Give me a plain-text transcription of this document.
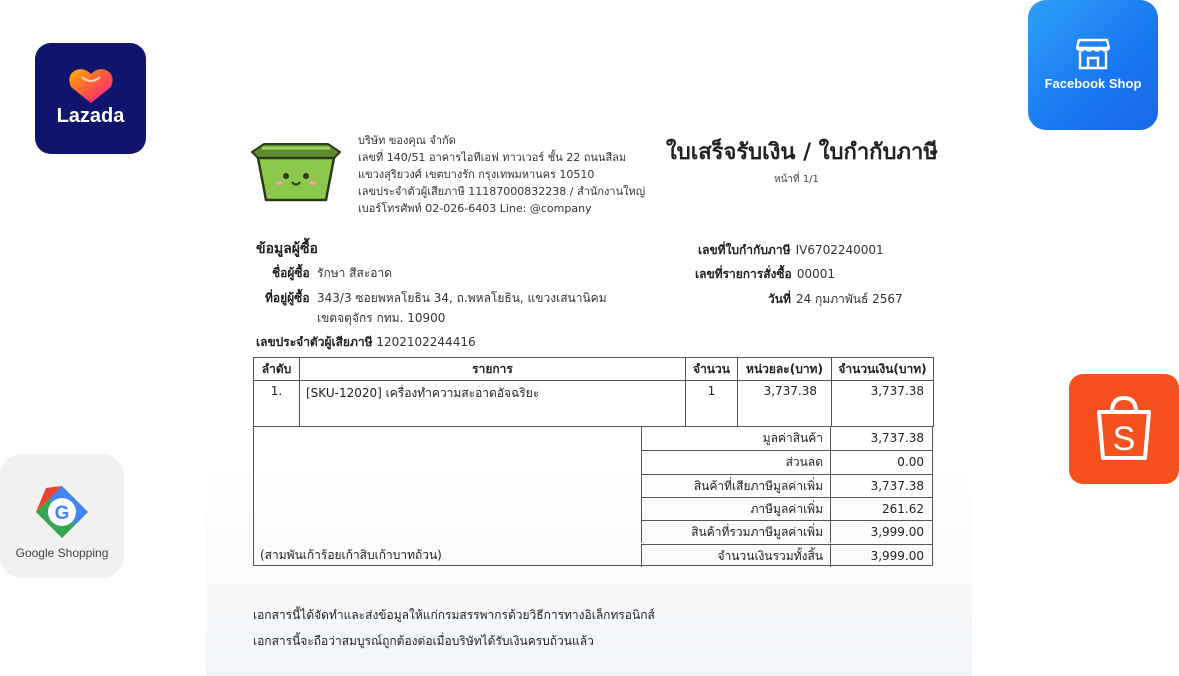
Lazada
Facebook Shop
G
Google Shopping
S
บริษัท ของคุณ จำกัด
เลขที่ 140/51 อาคารไอทีเอฟ ทาวเวอร์ ชั้น 22 ถนนสีลม
แขวงสุริยวงศ์ เขตบางรัก กรุงเทพมหานคร 10510
เลขประจำตัวผู้เสียภาษี 11187000832238 / สำนักงานใหญ่
เบอร์โทรศัพท์ 02-026-6403 Line: @company
ใบเสร็จรับเงิน / ใบกำกับภาษี
หน้าที่ 1/1
ข้อมูลผู้ซื้อ
ชื่อผู้ซื้อ รักษา สีสะอาด
ที่อยู่ผู้ซื้อ 343/3 ซอยพหลโยธิน 34, ถ.พหลโยธิน, แขวงเสนานิคม
เขตจตุจักร กทม. 10900
เลขประจำตัวผู้เสียภาษี 1202102244416
เลขที่ใบกำกับภาษี IV6702240001
เลขที่รายการสั่งซื้อ 00001
วันที่ 24 กุมภาพันธ์ 2567
ลำดับ	รายการ	จำนวน	หน่วยละ(บาท)	จำนวนเงิน(บาท)
1.	[SKU-12020] เครื่องทำความสะอาดอัจฉริยะ	1	3,737.38	3,737.38
(สามพันเก้าร้อยเก้าสิบเก้าบาทถ้วน)
มูลค่าสินค้า	3,737.38
ส่วนลด	0.00
สินค้าที่เสียภาษีมูลค่าเพิ่ม	3,737.38
ภาษีมูลค่าเพิ่ม	261.62
สินค้าที่รวมภาษีมูลค่าเพิ่ม	3,999.00
จำนวนเงินรวมทั้งสิ้น	3,999.00
เอกสารนี้ได้จัดทำและส่งข้อมูลให้แก่กรมสรรพากรด้วยวิธีการทางอิเล็กทรอนิกส์
เอกสารนี้จะถือว่าสมบูรณ์ถูกต้องต่อเมื่อบริษัทได้รับเงินครบถ้วนแล้ว
